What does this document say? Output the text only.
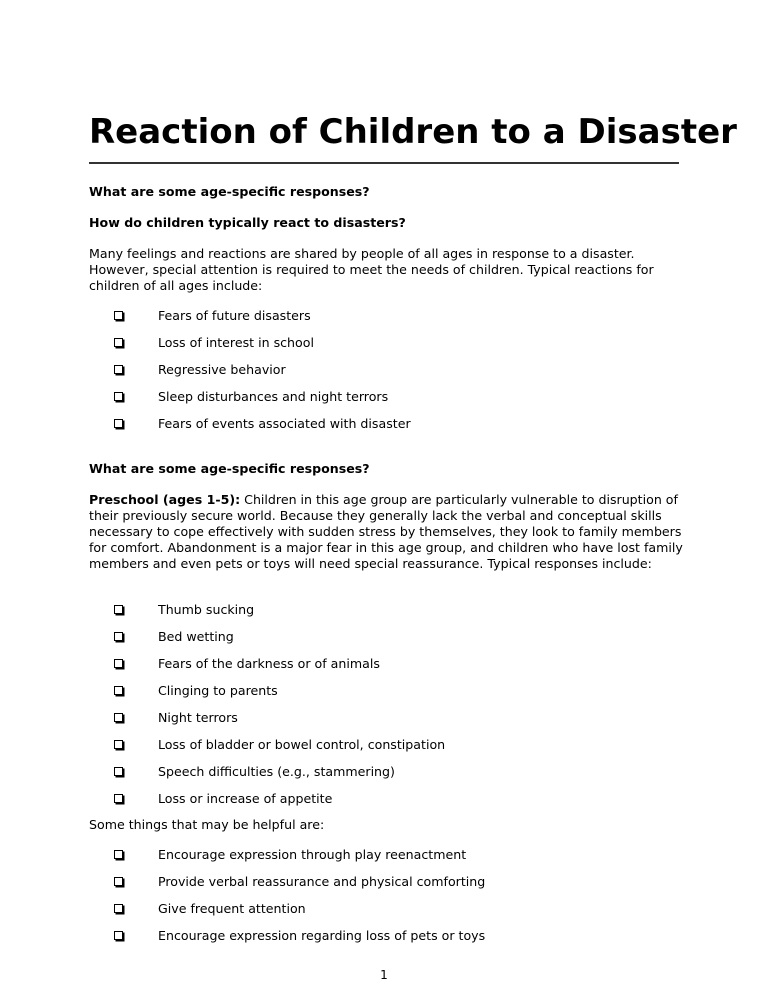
Reaction of Children to a Disaster
What are some age-specific responses?
How do children typically react to disasters?
Many feelings and reactions are shared by people of all ages in response to a disaster. However, special attention is required to meet the needs of children. Typical reactions for children of all ages include:
Fears of future disasters
Loss of interest in school
Regressive behavior
Sleep disturbances and night terrors
Fears of events associated with disaster
What are some age-specific responses?
Preschool (ages 1-5): Children in this age group are particularly vulnerable to disruption of their previously secure world. Because they generally lack the verbal and conceptual skills necessary to cope effectively with sudden stress by themselves, they look to family members for comfort. Abandonment is a major fear in this age group, and children who have lost family members and even pets or toys will need special reassurance. Typical responses include:
Thumb sucking
Bed wetting
Fears of the darkness or of animals
Clinging to parents
Night terrors
Loss of bladder or bowel control, constipation
Speech difficulties (e.g., stammering)
Loss or increase of appetite
Some things that may be helpful are:
Encourage expression through play reenactment
Provide verbal reassurance and physical comforting
Give frequent attention
Encourage expression regarding loss of pets or toys
1
